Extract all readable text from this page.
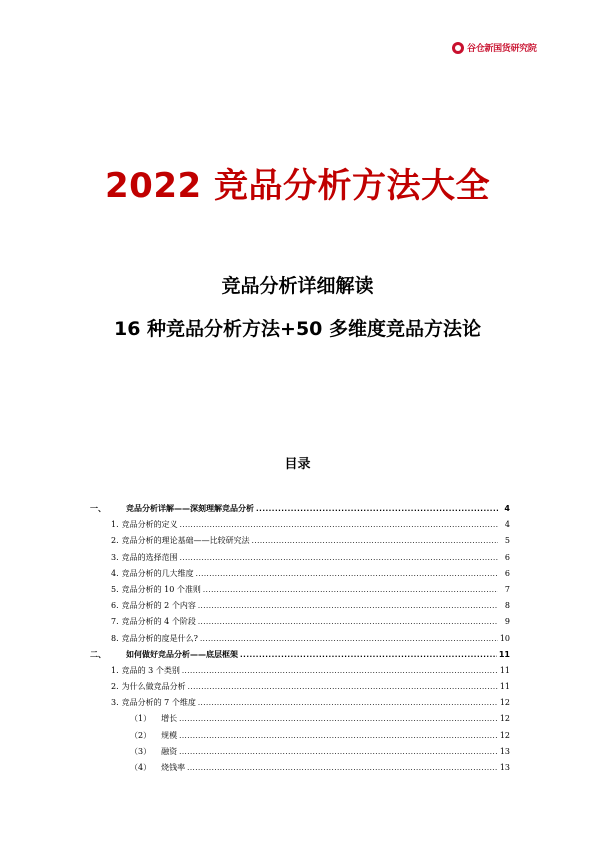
谷仓新国货研究院
2022 竞品分析方法大全
竞品分析详细解读
16 种竞品分析方法+50 多维度竞品方法论
目录
一、	竞品分析详解——深刻理解竞品分析 .....	4
1. 竞品分析的定义 .....	4
2. 竞品分析的理论基础——比较研究法 .....	5
3. 竞品的选择范围 .....	6
4. 竞品分析的几大维度 .....	6
5. 竞品分析的 10 个准则 .....	7
6. 竞品分析的 2 个内容 .....	8
7. 竞品分析的 4 个阶段 .....	9
8. 竞品分析的度是什么? .....	10
二、	如何做好竞品分析——底层框架 .....	11
1. 竞品的 3 个类别 .....	11
2. 为什么做竞品分析 .....	11
3. 竞品分析的 7 个维度 .....	12
（1） 增长 .....	12
（2） 规模 .....	12
（3） 融资 .....	13
（4） 烧钱率 .....	13
